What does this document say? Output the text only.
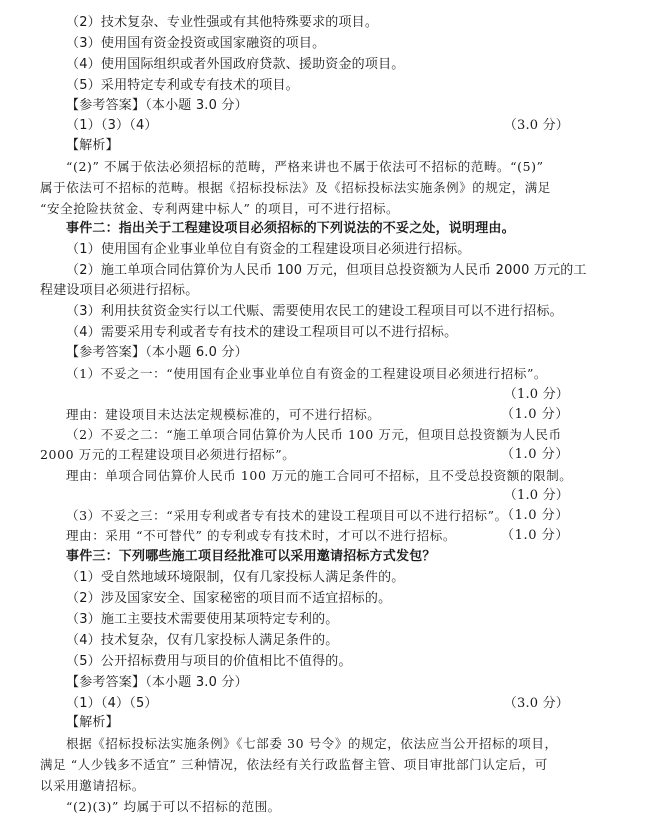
（2）技术复杂、专业性强或有其他特殊要求的项目。
（3）使用国有资金投资或国家融资的项目。
（4）使用国际组织或者外国政府贷款、援助资金的项目。
（5）采用特定专利或专有技术的项目。
【参考答案】（本小题 3.0 分）
（1）（3）（4）	（3.0 分）
【解析】
“(2)” 不属于依法必须招标的范畴，严格来讲也不属于依法可不招标的范畴。“(5)”
属于依法可不招标的范畴。根据《招标投标法》及《招标投标法实施条例》的规定，满足
“安全抢险扶贫金、专利两建中标人” 的项目，可不进行招标。
事件二：指出关于工程建设项目必须招标的下列说法的不妥之处，说明理由。
（1）使用国有企业事业单位自有资金的工程建设项目必须进行招标。
（2）施工单项合同估算价为人民币 100 万元，但项目总投资额为人民币 2000 万元的工
程建设项目必须进行招标。
（3）利用扶贫资金实行以工代赈、需要使用农民工的建设工程项目可以不进行招标。
（4）需要采用专利或者专有技术的建设工程项目可以不进行招标。
【参考答案】（本小题 6.0 分）
（1）不妥之一：“使用国有企业事业单位自有资金的工程建设项目必须进行招标”。
（1.0 分）
理由：建设项目未达法定规模标准的，可不进行招标。	（1.0 分）
（2）不妥之二：“施工单项合同估算价为人民币 100 万元，但项目总投资额为人民币
2000 万元的工程建设项目必须进行招标”。	（1.0 分）
理由：单项合同估算价人民币 100 万元的施工合同可不招标，且不受总投资额的限制。
（1.0 分）
（3）不妥之三：“采用专利或者专有技术的建设工程项目可以不进行招标”。
（1.0 分）
理由：采用 “不可替代” 的专利或专有技术时，才可以不进行招标。	（1.0 分）
事件三：下列哪些施工项目经批准可以采用邀请招标方式发包？
（1）受自然地域环境限制，仅有几家投标人满足条件的。
（2）涉及国家安全、国家秘密的项目而不适宜招标的。
（3）施工主要技术需要使用某项特定专利的。
（4）技术复杂，仅有几家投标人满足条件的。
（5）公开招标费用与项目的价值相比不值得的。
【参考答案】（本小题 3.0 分）
（1）（4）（5）	（3.0 分）
【解析】
根据《招标投标法实施条例》《七部委 30 号令》的规定，依法应当公开招标的项目，
满足 “人少钱多不适宜” 三种情况，依法经有关行政监督主管、项目审批部门认定后，可
以采用邀请招标。
“(2)(3)” 均属于可以不招标的范围。
